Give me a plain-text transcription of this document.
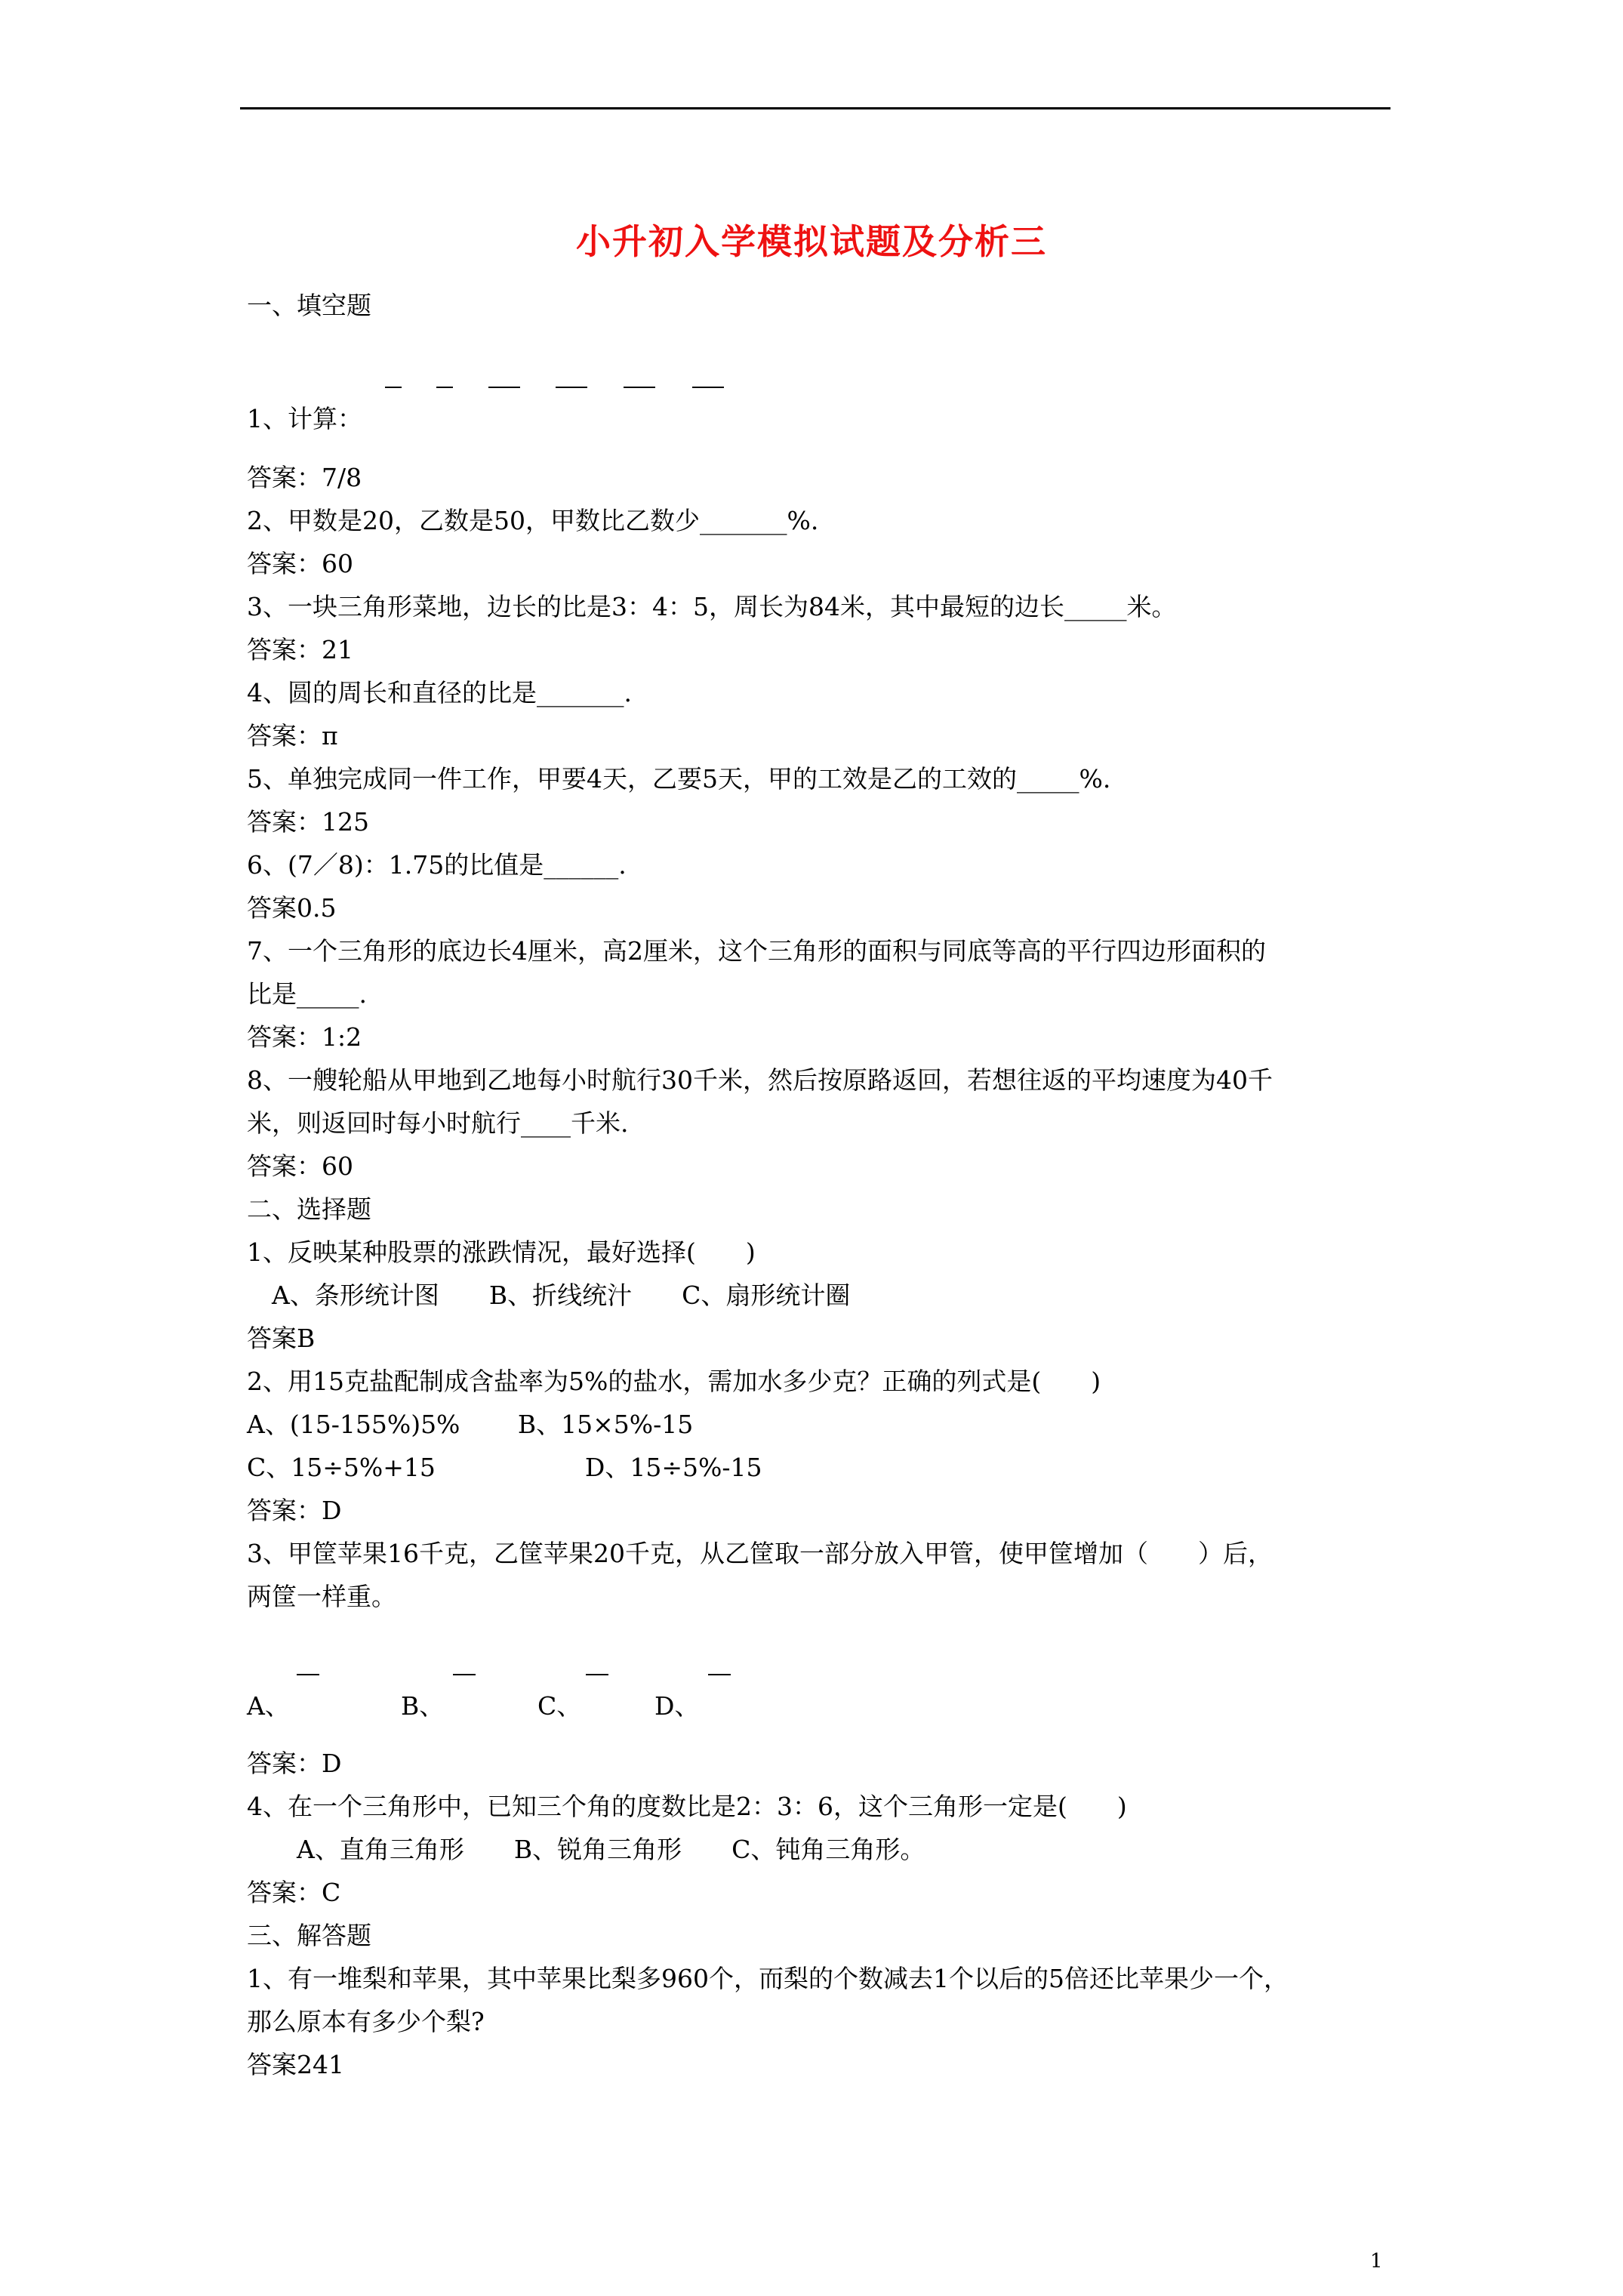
小升初入学模拟试题及分析三
一、填空题
1、计算：
答案：7/8
2、甲数是20，乙数是50，甲数比乙数少_______%.
答案：60
3、一块三角形菜地，边长的比是3：4：5，周长为84米，其中最短的边长_____米。
答案：21
4、圆的周长和直径的比是_______.
答案：π
5、单独完成同一件工作，甲要4天，乙要5天，甲的工效是乙的工效的_____%.
答案：125
6、(7／8)：1.75的比值是______.
答案0.5
7、一个三角形的底边长4厘米，高2厘米，这个三角形的面积与同底等高的平行四边形面积的
比是_____.
答案：1:2
8、一艘轮船从甲地到乙地每小时航行30千米，然后按原路返回，若想往返的平均速度为40千
米，则返回时每小时航行____千米.
答案：60
二、选择题
1、反映某种股票的涨跌情况，最好选择(　　)
　A、条形统计图　　B、折线统汁　　C、扇形统计圈
答案B
2、用15克盐配制成含盐率为5%的盐水，需加水多少克？正确的列式是(　　)
A、(15-155%)5%　　 B、15×5%-15
C、15÷5%+15　　　　　　D、15÷5%-15
答案：D
3、甲筐苹果16千克，乙筐苹果20千克，从乙筐取一部分放入甲管，使甲筐增加（　　）后，
两筐一样重。
A、	B、	C、	D、
答案：D
4、在一个三角形中，已知三个角的度数比是2：3：6，这个三角形一定是(　　)
　　A、直角三角形　　B、锐角三角形　　C、钝角三角形。
答案：C
三、解答题
1、有一堆梨和苹果，其中苹果比梨多960个，而梨的个数减去1个以后的5倍还比苹果少一个，
那么原本有多少个梨?
答案241
1
